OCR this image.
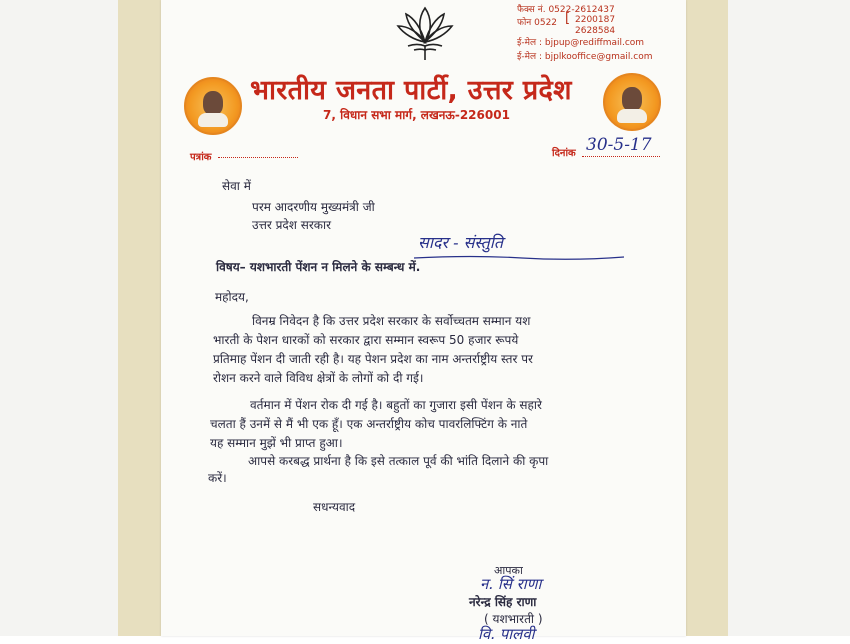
फैक्स नं. 0522-2612437
फोन 0522 [ 2200187
2628584
ई-मेल : bjpup@rediffmail.com
ई-मेल : bjplkooffice@gmail.com
भारतीय जनता पार्टी, उत्तर प्रदेश
7, विधान सभा मार्ग, लखनऊ-226001
पत्रांक	दिनांक 30-5-17
सेवा में
परम आदरणीय मुख्यमंत्री जी
उत्तर प्रदेश सरकार
सादर - संस्तुति
विषय– यशभारती पेंशन न मिलने के सम्बन्ध में.
महोदय,
विनम्र निवेदन है कि उत्तर प्रदेश सरकार के सर्वोच्चतम सम्मान यश
भारती के पेशन धारकों को सरकार द्वारा सम्मान स्वरूप 50 हजार रूपये
प्रतिमाह पेंशन दी जाती रही है। यह पेशन प्रदेश का नाम अन्तर्राष्ट्रीय स्तर पर
रोशन करने वाले विविध क्षेत्रों के लोगों को दी गई।
वर्तमान में पेंशन रोक दी गई है। बहुतों का गुजारा इसी पेंशन के सहारे
चलता हैं उनमें से मैं भी एक हूँ। एक अन्तर्राष्ट्रीय कोच पावरलिफ्टिंग के नाते
यह सम्मान मुझें भी प्राप्त हुआ।
आपसे करबद्ध प्रार्थना है कि इसे तत्काल पूर्व की भांति दिलाने की कृपा
करें।
सधन्यवाद
आपका
न. सिं राणा
नरेन्द्र सिंह राणा
( यशभारती )
वि. पालवी
